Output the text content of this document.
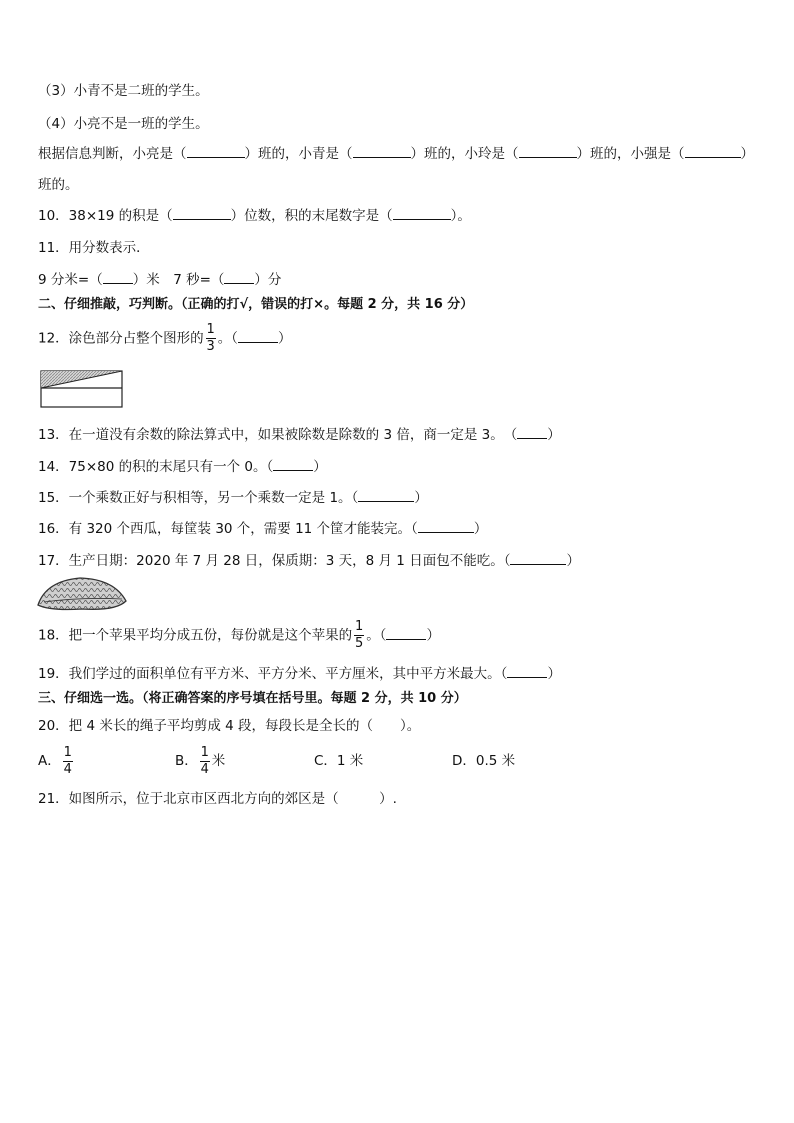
（3）小青不是二班的学生。
（4）小亮不是一班的学生。
根据信息判断，小亮是（	）班的，小青是（	）班的，小玲是（	）班的，小强是（	）
班的。
10．38×19 的积是（	）位数，积的末尾数字是（	）。
11．用分数表示．
9 分米=（ ）米　7 秒=（ ）分
二、仔细推敲，巧判断。（正确的打√，错误的打×。每题 2 分，共 16 分）
12．涂色部分占整个图形的 $\frac{1}{3}$ 。（	）
13．在一道没有余数的除法算式中，如果被除数是除数的 3 倍，商一定是 3。　（ ）
14．75×80 的积的末尾只有一个 0。（	）
15．一个乘数正好与积相等，另一个乘数一定是 1。（	）
16．有 320 个西瓜，每筐装 30 个，需要 11 个筐才能装完。（	）
17．生产日期：2020 年 7 月 28 日，保质期：3 天，8 月 1 日面包不能吃。（	）
18．把一个苹果平均分成五份，每份就是这个苹果的 $\frac{1}{5}$ 。（	）
19．我们学过的面积单位有平方米、平方分米、平方厘米，其中平方米最大。（	）
三、仔细选一选。（将正确答案的序号填在括号里。每题 2 分，共 10 分）
20．把 4 米长的绳子平均剪成 4 段，每段长是全长的（　　）。
A． $\frac{1}{4}$	B． $\frac{1}{4}$ 米	C．1 米	D．0.5 米
21．如图所示，位于北京市区西北方向的郊区是（　　　）.
